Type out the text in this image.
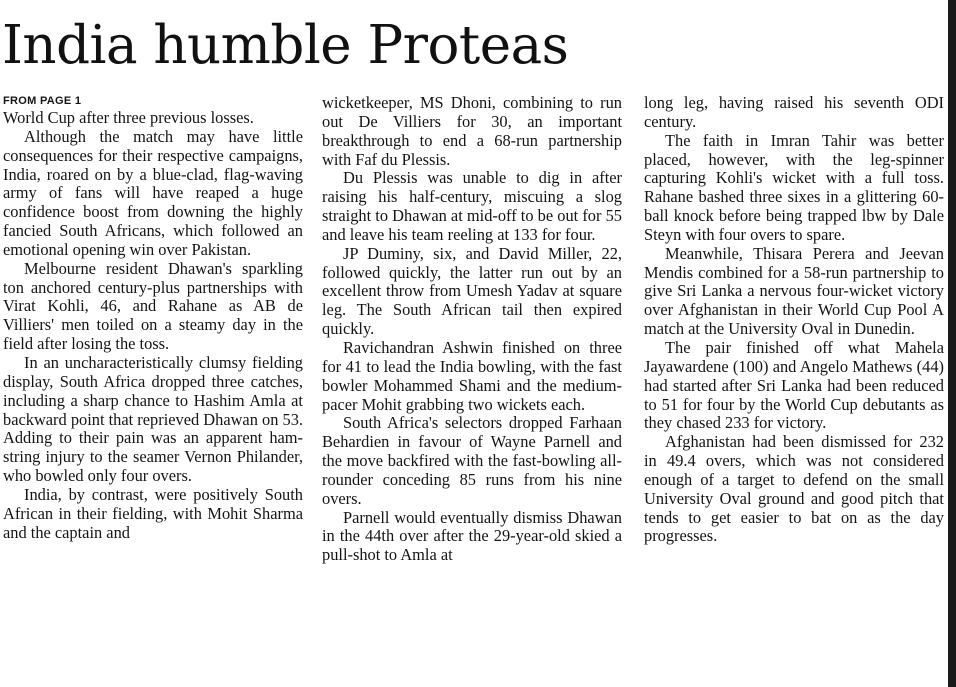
India humble Proteas
FROM PAGE 1

World Cup after three previous losses.

Although the match may have little consequences for their respective campaigns, India, roared on by a blue-clad, flag-waving army of fans will have reaped a huge confidence boost from downing the highly fancied South Africans, which followed an emotional opening win over Pakistan.

Melbourne resident Dhawan's sparkling ton anchored century-plus partnerships with Virat Kohli, 46, and Rahane as AB de Villiers' men toiled on a steamy day in the field after losing the toss.

In an uncharacteristically clumsy fielding display, South Africa dropped three catches, including a sharp chance to Hashim Amla at backward point that reprieved Dhawan on 53. Adding to their pain was an apparent ham-string injury to the seamer Vernon Philander, who bowled only four overs.

India, by contrast, were positively South African in their fielding, with Mohit Sharma and the captain and

wicketkeeper, MS Dhoni, combining to run out De Villiers for 30, an important breakthrough to end a 68-run partnership with Faf du Plessis.

Du Plessis was unable to dig in after raising his half-century, miscuing a slog straight to Dhawan at mid-off to be out for 55 and leave his team reeling at 133 for four.

JP Duminy, six, and David Miller, 22, followed quickly, the latter run out by an excellent throw from Umesh Yadav at square leg. The South African tail then expired quickly.

Ravichandran Ashwin finished on three for 41 to lead the India bowling, with the fast bowler Mohammed Shami and the medium-pacer Mohit grabbing two wickets each.

South Africa's selectors dropped Farhaan Behardien in favour of Wayne Parnell and the move backfired with the fast-bowling all-rounder conceding 85 runs from his nine overs.

Parnell would eventually dismiss Dhawan in the 44th over after the 29-year-old skied a pull-shot to Amla at

long leg, having raised his seventh ODI century.

The faith in Imran Tahir was better placed, however, with the leg-spinner capturing Kohli's wicket with a full toss. Rahane bashed three sixes in a glittering 60-ball knock before being trapped lbw by Dale Steyn with four overs to spare.

Meanwhile, Thisara Perera and Jeevan Mendis combined for a 58-run partnership to give Sri Lanka a nervous four-wicket victory over Afghanistan in their World Cup Pool A match at the University Oval in Dunedin.

The pair finished off what Mahela Jayawardene (100) and Angelo Mathews (44) had started after Sri Lanka had been reduced to 51 for four by the World Cup debutants as they chased 233 for victory.

Afghanistan had been dismissed for 232 in 49.4 overs, which was not considered enough of a target to defend on the small University Oval ground and good pitch that tends to get easier to bat on as the day progresses.
